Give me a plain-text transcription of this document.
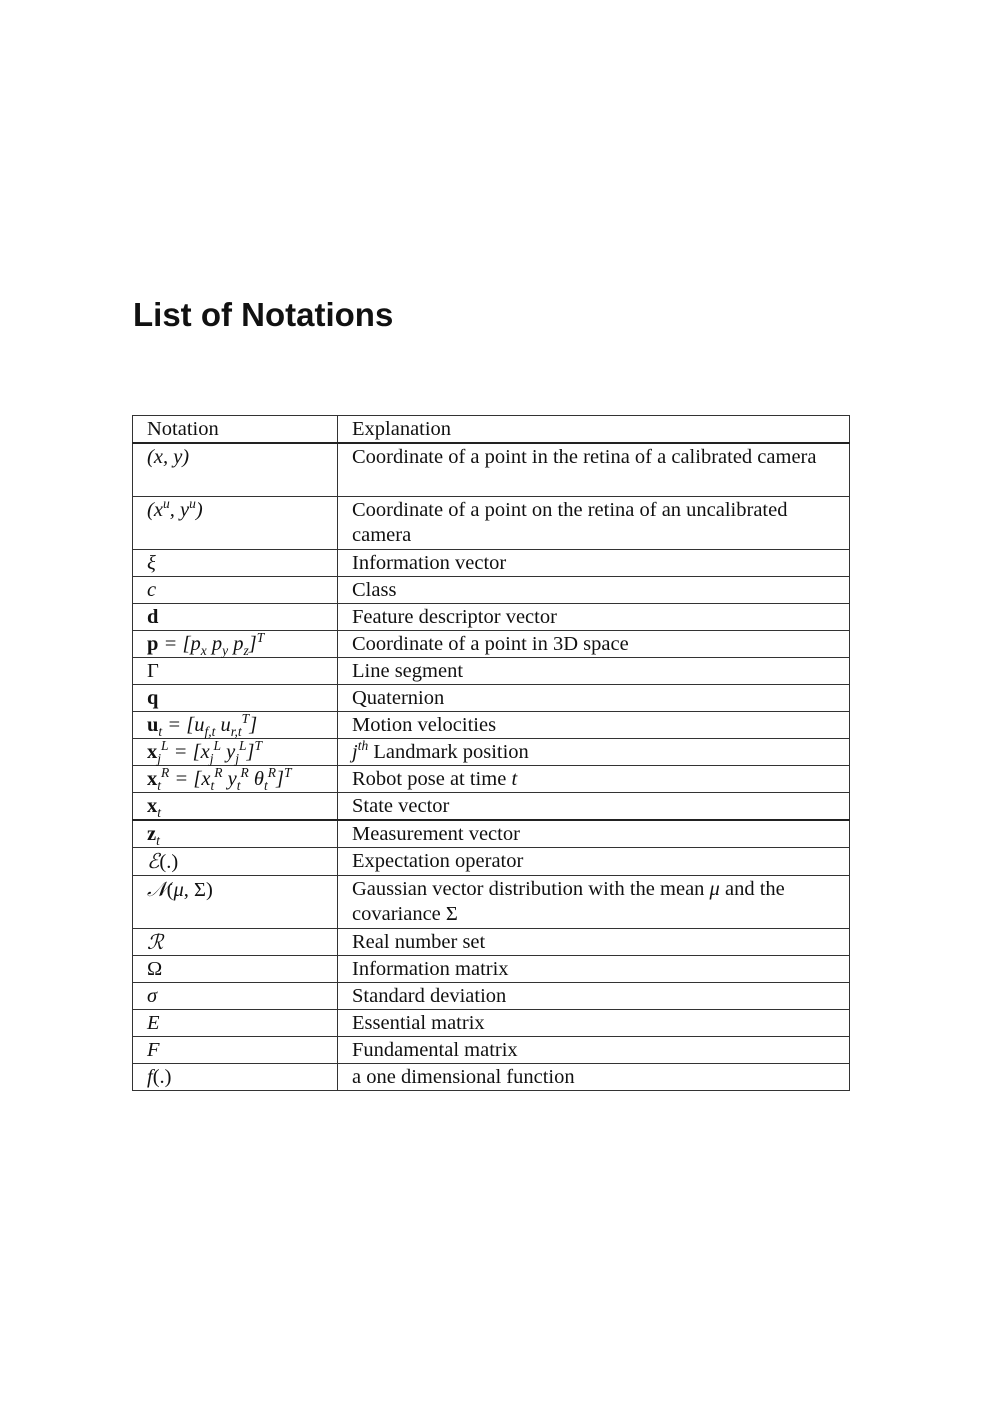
List of Notations
Notation	Explanation
(x, y)	Coordinate of a point in the retina of a calibrated camera
($x^u$, $y^u$)	Coordinate of a point on the retina of an uncalibrated camera
ξ	Information vector
c	Class
d	Feature descriptor vector
$p = [p_x$ $p_y$ $p_z]^T$	Coordinate of a point in 3D space
Γ	Line segment
q	Quaternion
$u_t = [u_{f,t}$ $u_{r,t}^T$]	Motion velocities
$x_j^L = [x_j^L$ $y_j^L]^T$	$j^{th}$ Landmark position
$x_t^R = [x_t^R$ $y_t^R$ $\theta_t^R]^T$	Robot pose at time t
$x_t$	State vector
$z_t$	Measurement vector
ℰ(.)	Expectation operator
𝒩(μ, Σ)	Gaussian vector distribution with the mean μ and the covariance Σ
ℛ	Real number set
Ω	Information matrix
σ	Standard deviation
E	Essential matrix
F	Fundamental matrix
f(.)	a one dimensional function
